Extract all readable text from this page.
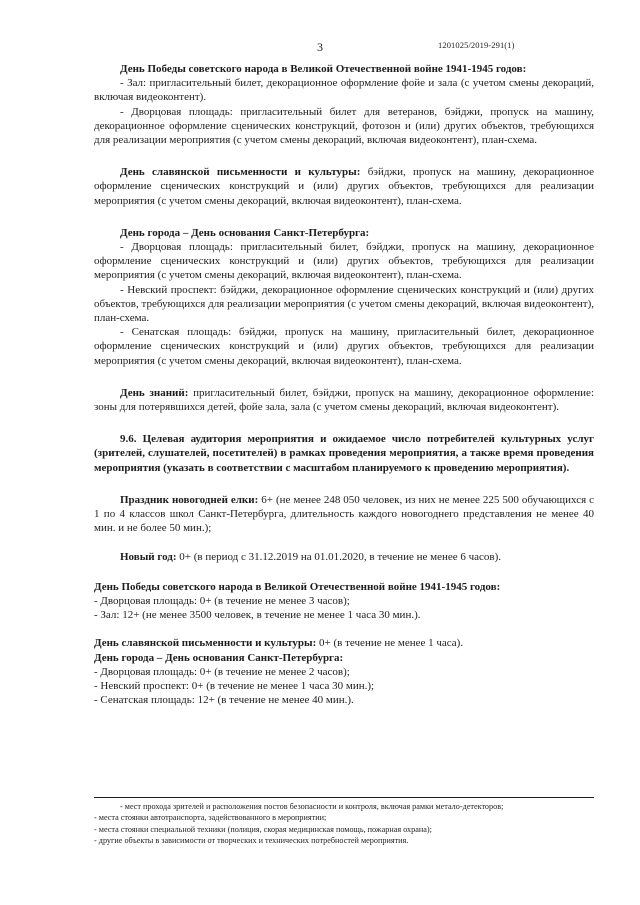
3	1201025/2019-291(1)

День Победы советского народа в Великой Отечественной войне 1941-1945 годов:

- Зал: пригласительный билет, декорационное оформление фойе и зала (с учетом смены декораций, включая видеоконтент).

- Дворцовая площадь: пригласительный билет для ветеранов, бэйджи, пропуск на машину, декорационное оформление сценических конструкций, фотозон и (или) других объектов, требующихся для реализации мероприятия (с учетом смены декораций, включая видеоконтент), план-схема.

День славянской письменности и культуры: бэйджи, пропуск на машину, декорационное оформление сценических конструкций и (или) других объектов, требующихся для реализации мероприятия (с учетом смены декораций, включая видеоконтент), план-схема.

День города – День основания Санкт-Петербурга:

- Дворцовая площадь: пригласительный билет, бэйджи, пропуск на машину, декорационное оформление сценических конструкций и (или) других объектов, требующихся для реализации мероприятия (с учетом смены декораций, включая видеоконтент), план-схема.

- Невский проспект: бэйджи, декорационное оформление сценических конструкций и (или) других объектов, требующихся для реализации мероприятия (с учетом смены декораций, включая видеоконтент), план-схема.

- Сенатская площадь: бэйджи, пропуск на машину, пригласительный билет, декорационное оформление сценических конструкций и (или) других объектов, требующихся для реализации мероприятия (с учетом смены декораций, включая видеоконтент), план-схема.

День знаний: пригласительный билет, бэйджи, пропуск на машину, декорационное оформление: зоны для потерявшихся детей, фойе зала, зала (с учетом смены декораций, включая видеоконтент).

9.6. Целевая аудитория мероприятия и ожидаемое число потребителей культурных услуг (зрителей, слушателей, посетителей) в рамках проведения мероприятия, а также время проведения мероприятия (указать в соответствии с масштабом планируемого к проведению мероприятия).

Праздник новогодней елки: 6+ (не менее 248 050 человек, из них не менее 225 500 обучающихся с 1 по 4 классов школ Санкт-Петербурга, длительность каждого новогоднего представления не менее 40 мин. и не более 50 мин.);

Новый год: 0+ (в период с 31.12.2019 на 01.01.2020, в течение не менее 6 часов).

День Победы советского народа в Великой Отечественной войне 1941-1945 годов:

- Дворцовая площадь: 0+ (в течение не менее 3 часов);

- Зал: 12+ (не менее 3500 человек, в течение не менее 1 часа 30 мин.).

День славянской письменности и культуры: 0+ (в течение не менее 1 часа).

День города – День основания Санкт-Петербурга:

- Дворцовая площадь: 0+ (в течение не менее 2 часов);

- Невский проспект: 0+ (в течение не менее 1 часа 30 мин.);

- Сенатская площадь: 12+ (в течение не менее 40 мин.).

- мест прохода зрителей и расположения постов безопасности и контроля, включая рамки метало-детекторов;

- места стоянки автотранспорта, задействованного в мероприятии;

- места стоянки специальной техники (полиция, скорая медицинская помощь, пожарная охрана);

- другие объекты в зависимости от творческих и технических потребностей мероприятия.
